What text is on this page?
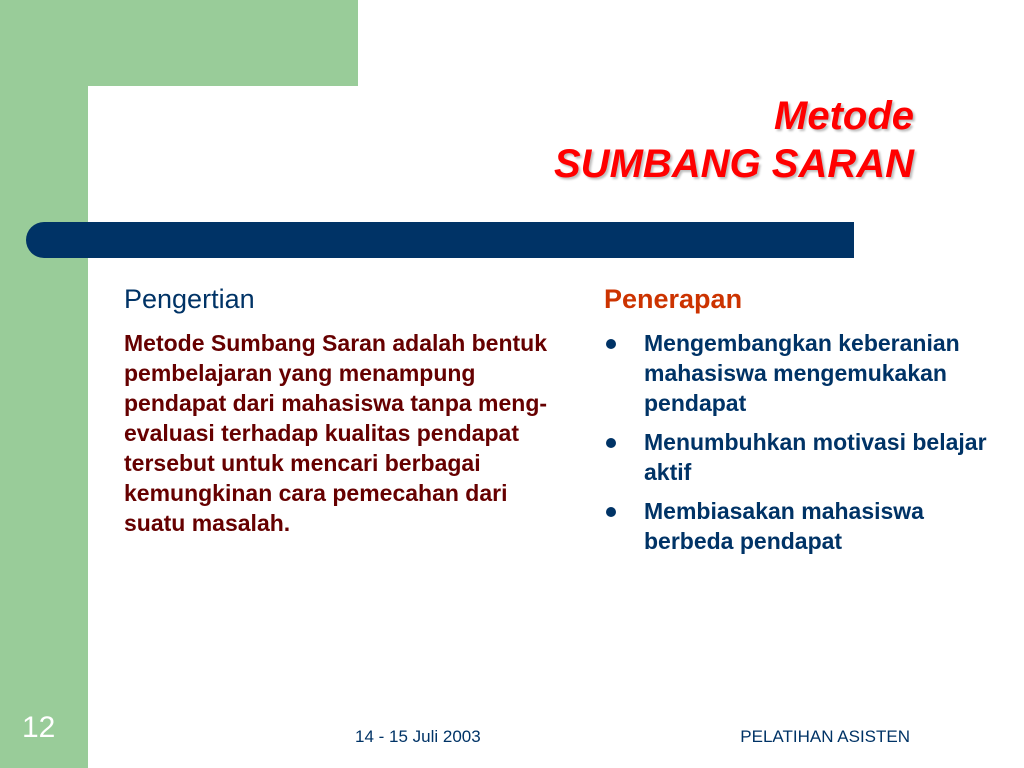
Metode
SUMBANG SARAN
Pengertian

Metode Sumbang Saran adalah bentuk pembelajaran yang menampung pendapat dari mahasiswa tanpa meng-evaluasi terhadap kualitas pendapat tersebut untuk mencari berbagai kemungkinan cara pemecahan dari suatu masalah.

Penerapan
Mengembangkan keberanian mahasiswa mengemukakan pendapat
Menumbuhkan motivasi belajar aktif
Membiasakan mahasiswa berbeda pendapat
12	14 - 15 Juli 2003	PELATIHAN ASISTEN
